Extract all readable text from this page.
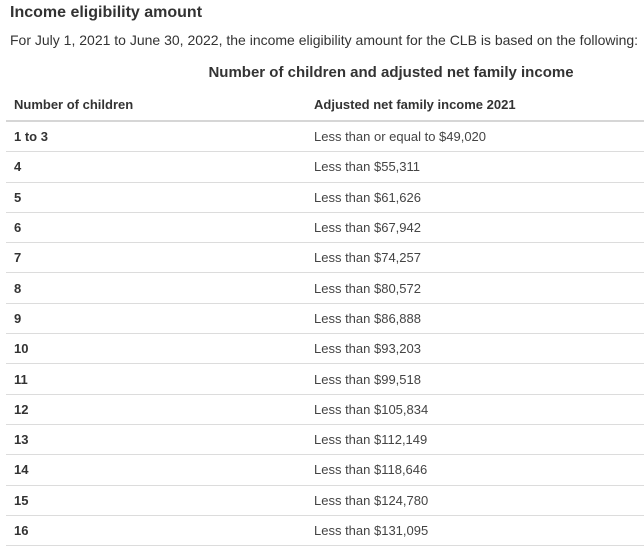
Income eligibility amount
For July 1, 2021 to June 30, 2022, the income eligibility amount for the CLB is based on the following:
Number of children and adjusted net family income
Number of children	Adjusted net family income 2021
1 to 3	Less than or equal to $49,020
4	Less than $55,311
5	Less than $61,626
6	Less than $67,942
7	Less than $74,257
8	Less than $80,572
9	Less than $86,888
10	Less than $93,203
11	Less than $99,518
12	Less than $105,834
13	Less than $112,149
14	Less than $118,646
15	Less than $124,780
16	Less than $131,095
